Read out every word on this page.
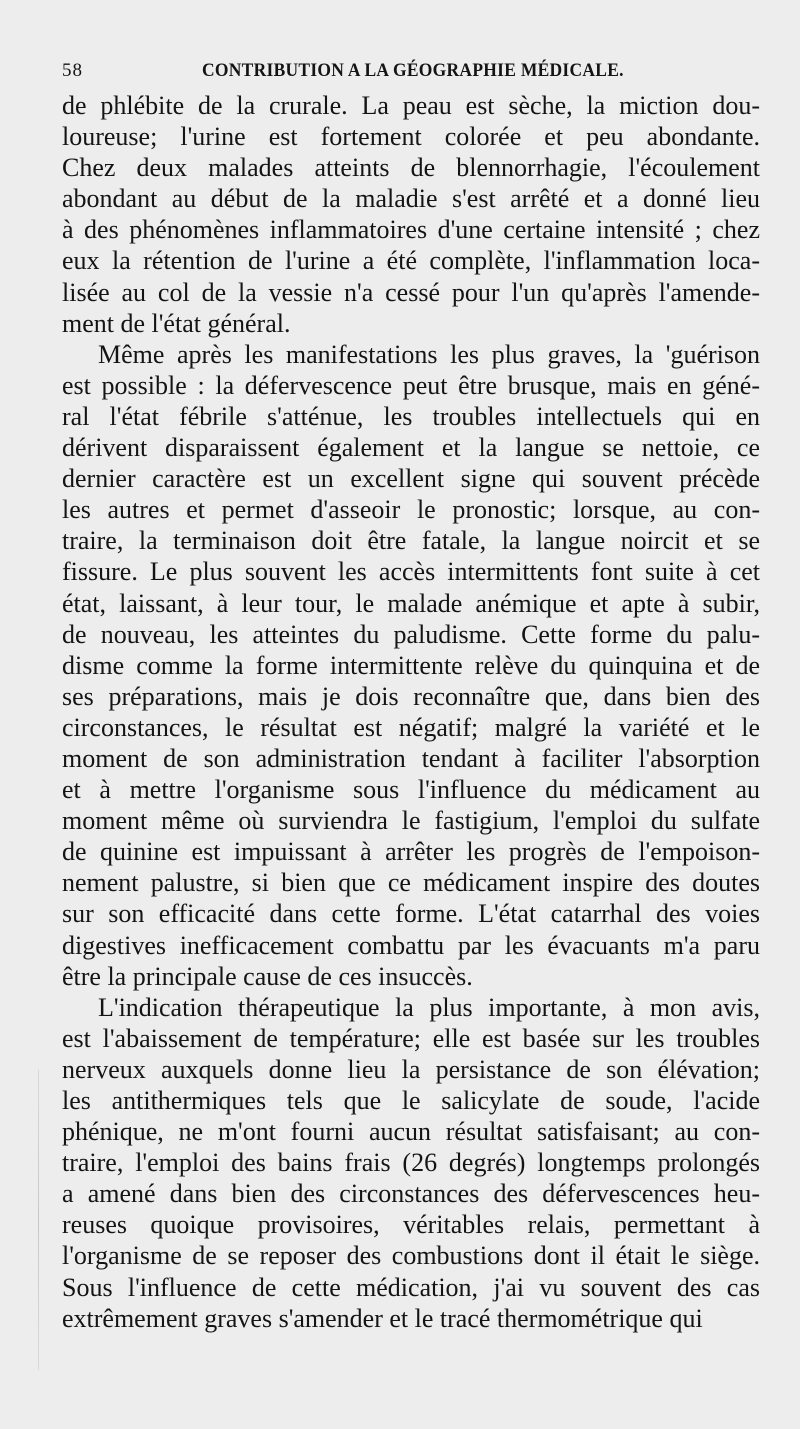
58	CONTRIBUTION A LA GÉOGRAPHIE MÉDICALE.

de phlébite de la crurale. La peau est sèche, la miction dou-
loureuse; l'urine est fortement colorée et peu abondante.
Chez deux malades atteints de blennorrhagie, l'écoulement
abondant au début de la maladie s'est arrêté et a donné lieu
à des phénomènes inflammatoires d'une certaine intensité ; chez
eux la rétention de l'urine a été complète, l'inflammation loca-
lisée au col de la vessie n'a cessé pour l'un qu'après l'amende-
ment de l'état général.

Même après les manifestations les plus graves, la 'guérison
est possible : la défervescence peut être brusque, mais en géné-
ral l'état fébrile s'atténue, les troubles intellectuels qui en
dérivent disparaissent également et la langue se nettoie, ce
dernier caractère est un excellent signe qui souvent précède
les autres et permet d'asseoir le pronostic; lorsque, au con-
traire, la terminaison doit être fatale, la langue noircit et se
fissure. Le plus souvent les accès intermittents font suite à cet
état, laissant, à leur tour, le malade anémique et apte à subir,
de nouveau, les atteintes du paludisme. Cette forme du palu-
disme comme la forme intermittente relève du quinquina et de
ses préparations, mais je dois reconnaître que, dans bien des
circonstances, le résultat est négatif; malgré la variété et le
moment de son administration tendant à faciliter l'absorption
et à mettre l'organisme sous l'influence du médicament au
moment même où surviendra le fastigium, l'emploi du sulfate
de quinine est impuissant à arrêter les progrès de l'empoison-
nement palustre, si bien que ce médicament inspire des doutes
sur son efficacité dans cette forme. L'état catarrhal des voies
digestives inefficacement combattu par les évacuants m'a paru
être la principale cause de ces insuccès.

L'indication thérapeutique la plus importante, à mon avis,
est l'abaissement de température; elle est basée sur les troubles
nerveux auxquels donne lieu la persistance de son élévation;
les antithermiques tels que le salicylate de soude, l'acide
phénique, ne m'ont fourni aucun résultat satisfaisant; au con-
traire, l'emploi des bains frais (26 degrés) longtemps prolongés
a amené dans bien des circonstances des défervescences heu-
reuses quoique provisoires, véritables relais, permettant à
l'organisme de se reposer des combustions dont il était le siège.
Sous l'influence de cette médication, j'ai vu souvent des cas
extrêmement graves s'amender et le tracé thermométrique qui
